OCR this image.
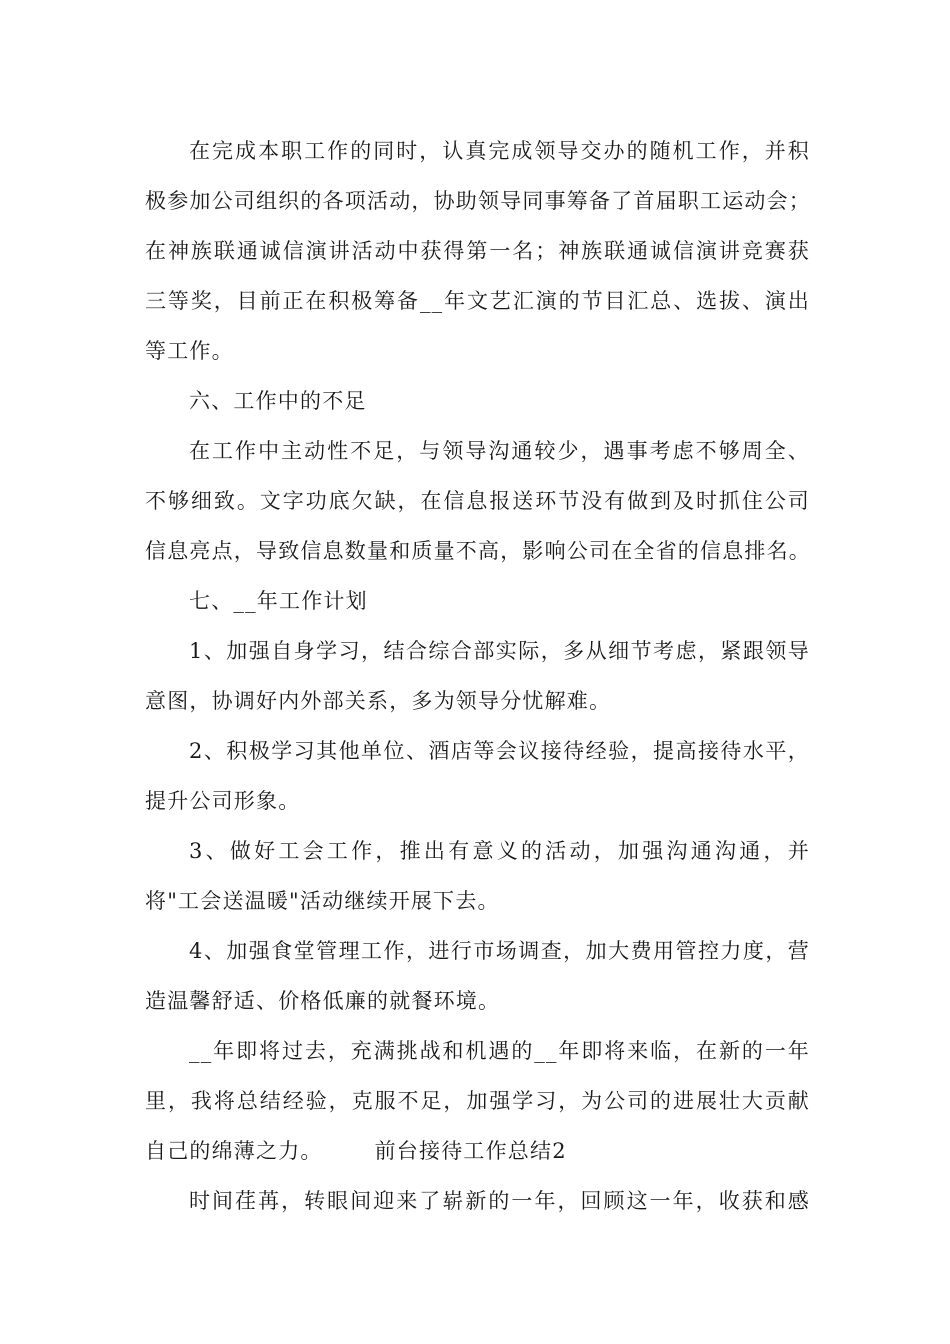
在完成本职工作的同时，认真完成领导交办的随机工作，并积
极参加公司组织的各项活动，协助领导同事筹备了首届职工运动会；
在神族联通诚信演讲活动中获得第一名；神族联通诚信演讲竞赛获
三等奖，目前正在积极筹备__年文艺汇演的节目汇总、选拔、演出
等工作。
六、工作中的不足
在工作中主动性不足，与领导沟通较少，遇事考虑不够周全、
不够细致。文字功底欠缺，在信息报送环节没有做到及时抓住公司
信息亮点，导致信息数量和质量不高，影响公司在全省的信息排名。
七、__年工作计划
1、加强自身学习，结合综合部实际，多从细节考虑，紧跟领导
意图，协调好内外部关系，多为领导分忧解难。
2、积极学习其他单位、酒店等会议接待经验，提高接待水平，
提升公司形象。
3、做好工会工作，推出有意义的活动，加强沟通沟通，并
将"工会送温暖"活动继续开展下去。
4、加强食堂管理工作，进行市场调查，加大费用管控力度，营
造温馨舒适、价格低廉的就餐环境。
__年即将过去，充满挑战和机遇的__年即将来临，在新的一年
里，我将总结经验，克服不足，加强学习，为公司的进展壮大贡献
自己的绵薄之力。 前台接待工作总结2
时间荏苒，转眼间迎来了崭新的一年，回顾这一年，收获和感
